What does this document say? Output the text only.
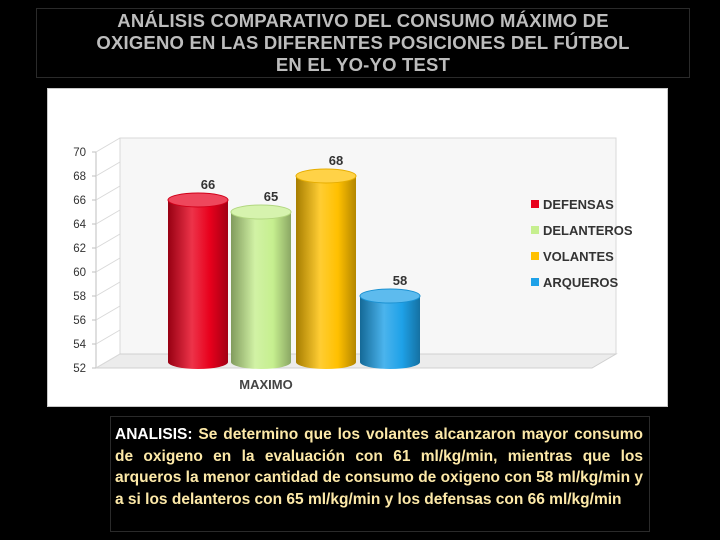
ANÁLISIS COMPARATIVO DEL CONSUMO MÁXIMO DE
OXIGENO EN LAS DIFERENTES POSICIONES DEL FÚTBOL
EN EL YO-YO TEST
52
54
56
58
60
62
64
66
68
70
66
65
68
58
MAXIMO
DEFENSAS
DELANTEROS
VOLANTES
ARQUEROS
ANALISIS: Se determino que los volantes alcanzaron mayor consumo de oxigeno en la evaluación con 61 ml/kg/min, mientras que los arqueros la menor cantidad de consumo de oxigeno con 58 ml/kg/min y a si los delanteros con 65 ml/kg/min y los defensas con 66 ml/kg/min
